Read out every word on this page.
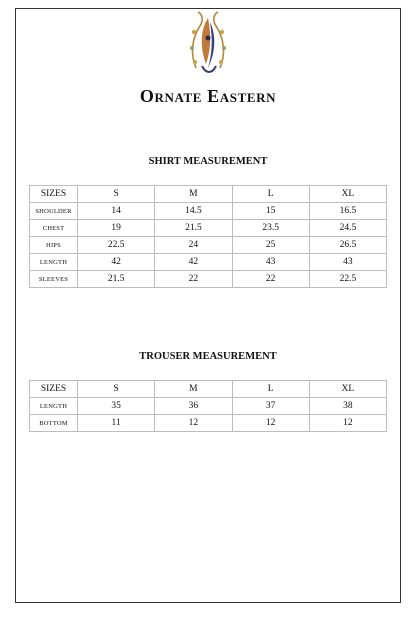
Ornate Eastern
SHIRT MEASUREMENT
SIZES	S	M	L	XL
SHOULDER	14	14.5	15	16.5
CHEST	19	21.5	23.5	24.5
HIPS	22.5	24	25	26.5
LENGTH	42	42	43	43
SLEEVES	21.5	22	22	22.5
TROUSER MEASUREMENT
SIZES	S	M	L	XL
LENGTH	35	36	37	38
BOTTOM	11	12	12	12
